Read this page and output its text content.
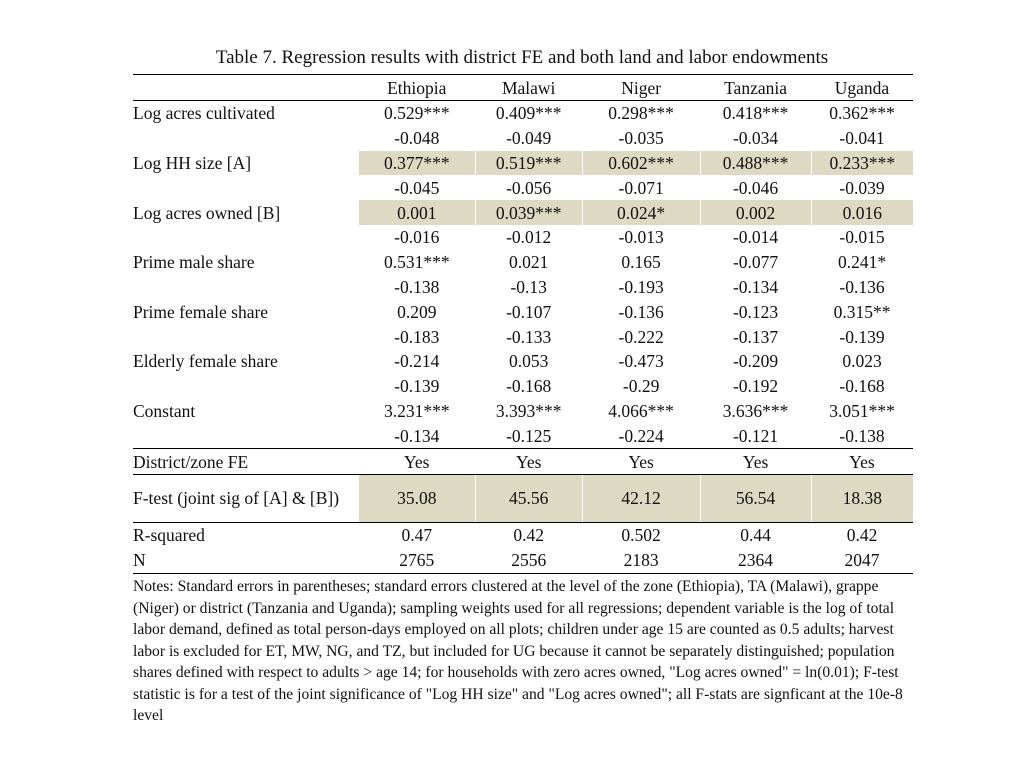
Table 7. Regression results with district FE and both land and labor endowments
	Ethiopia	Malawi	Niger	Tanzania	Uganda
Log acres cultivated	0.529***	0.409***	0.298***	0.418***	0.362***
	-0.048	-0.049	-0.035	-0.034	-0.041
Log HH size [A]	0.377***	0.519***	0.602***	0.488***	0.233***
	-0.045	-0.056	-0.071	-0.046	-0.039
Log acres owned [B]	0.001	0.039***	0.024*	0.002	0.016
	-0.016	-0.012	-0.013	-0.014	-0.015
Prime male share	0.531***	0.021	0.165	-0.077	0.241*
	-0.138	-0.13	-0.193	-0.134	-0.136
Prime female share	0.209	-0.107	-0.136	-0.123	0.315**
	-0.183	-0.133	-0.222	-0.137	-0.139
Elderly female share	-0.214	0.053	-0.473	-0.209	0.023
	-0.139	-0.168	-0.29	-0.192	-0.168
Constant	3.231***	3.393***	4.066***	3.636***	3.051***
	-0.134	-0.125	-0.224	-0.121	-0.138
District/zone FE	Yes	Yes	Yes	Yes	Yes
F-test (joint sig of [A] & [B])	35.08	45.56	42.12	56.54	18.38
R-squared	0.47	0.42	0.502	0.44	0.42
N	2765	2556	2183	2364	2047
Notes: Standard errors in parentheses; standard errors clustered at the level of the zone (Ethiopia), TA (Malawi), grappe (Niger) or district (Tanzania and Uganda); sampling weights used for all regressions; dependent variable is the log of total labor demand, defined as total person-days employed on all plots; children under age 15 are counted as 0.5 adults; harvest labor is excluded for ET, MW, NG, and TZ, but included for UG because it cannot be separately distinguished; population shares defined with respect to adults > age 14; for households with zero acres owned, "Log acres owned" = ln(0.01); F-test statistic is for a test of the joint significance of "Log HH size" and "Log acres owned"; all F-stats are signficant at the 10e-8 level
